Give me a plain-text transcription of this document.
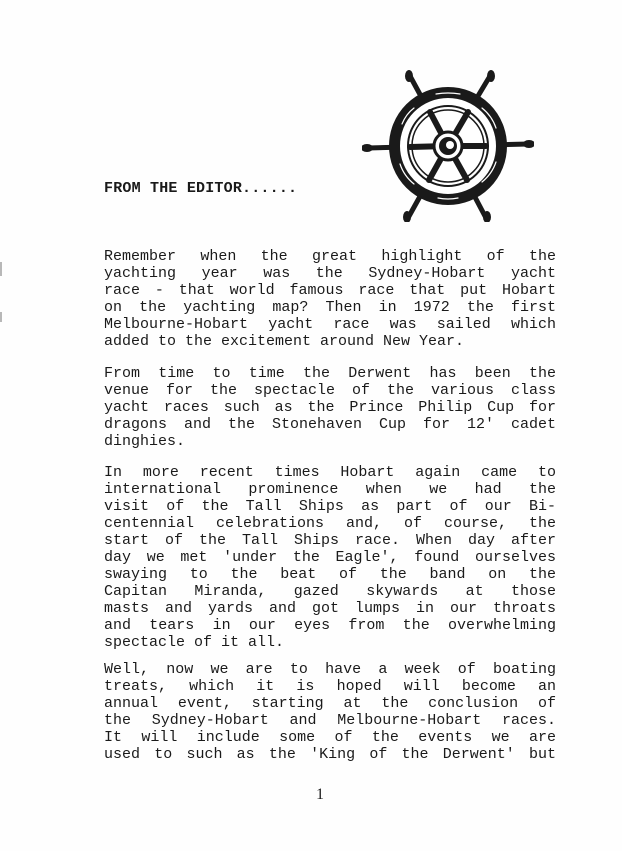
FROM THE EDITOR......
Remember when the great highlight of the
yachting year was the Sydney-Hobart yacht
race - that world famous race that put Hobart
on the yachting map? Then in 1972 the first
Melbourne-Hobart yacht race was sailed which
added to the excitement around New Year.
From time to time the Derwent has been the
venue for the spectacle of the various class
yacht races such as the Prince Philip Cup for
dragons and the Stonehaven Cup for 12' cadet
dinghies.
In more recent times Hobart again came to
international prominence when we had the
visit of the Tall Ships as part of our Bi-
centennial celebrations and, of course, the
start of the Tall Ships race. When day after
day we met 'under the Eagle', found ourselves
swaying to the beat of the band on the
Capitan Miranda, gazed skywards at those
masts and yards and got lumps in our throats
and tears in our eyes from the overwhelming
spectacle of it all.
Well, now we are to have a week of boating
treats, which it is hoped will become an
annual event, starting at the conclusion of
the Sydney-Hobart and Melbourne-Hobart races.
It will include some of the events we are
used to such as the 'King of the Derwent' but
1
